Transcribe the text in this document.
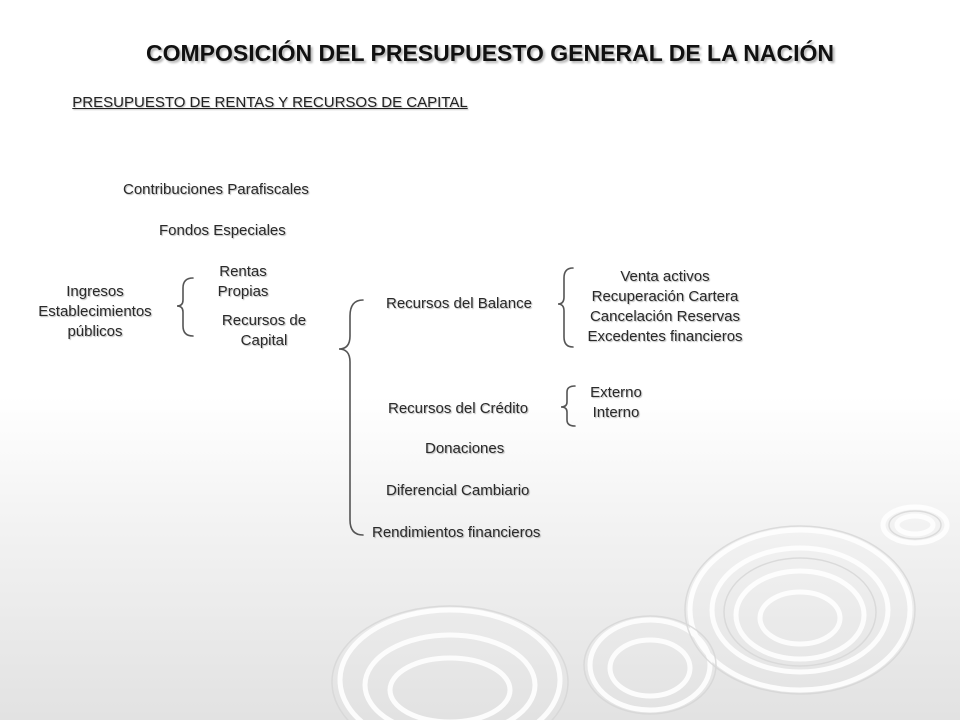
COMPOSICIÓN DEL PRESUPUESTO GENERAL DE LA NACIÓN
PRESUPUESTO DE RENTAS Y RECURSOS DE CAPITAL
Contribuciones Parafiscales
Fondos Especiales
Ingresos
Establecimientos
públicos
Rentas
Propias
Recursos de
Capital
Recursos del Balance
Venta activos
Recuperación Cartera
Cancelación Reservas
Excedentes financieros
Recursos del Crédito
Externo
Interno
Donaciones
Diferencial Cambiario
Rendimientos financieros
